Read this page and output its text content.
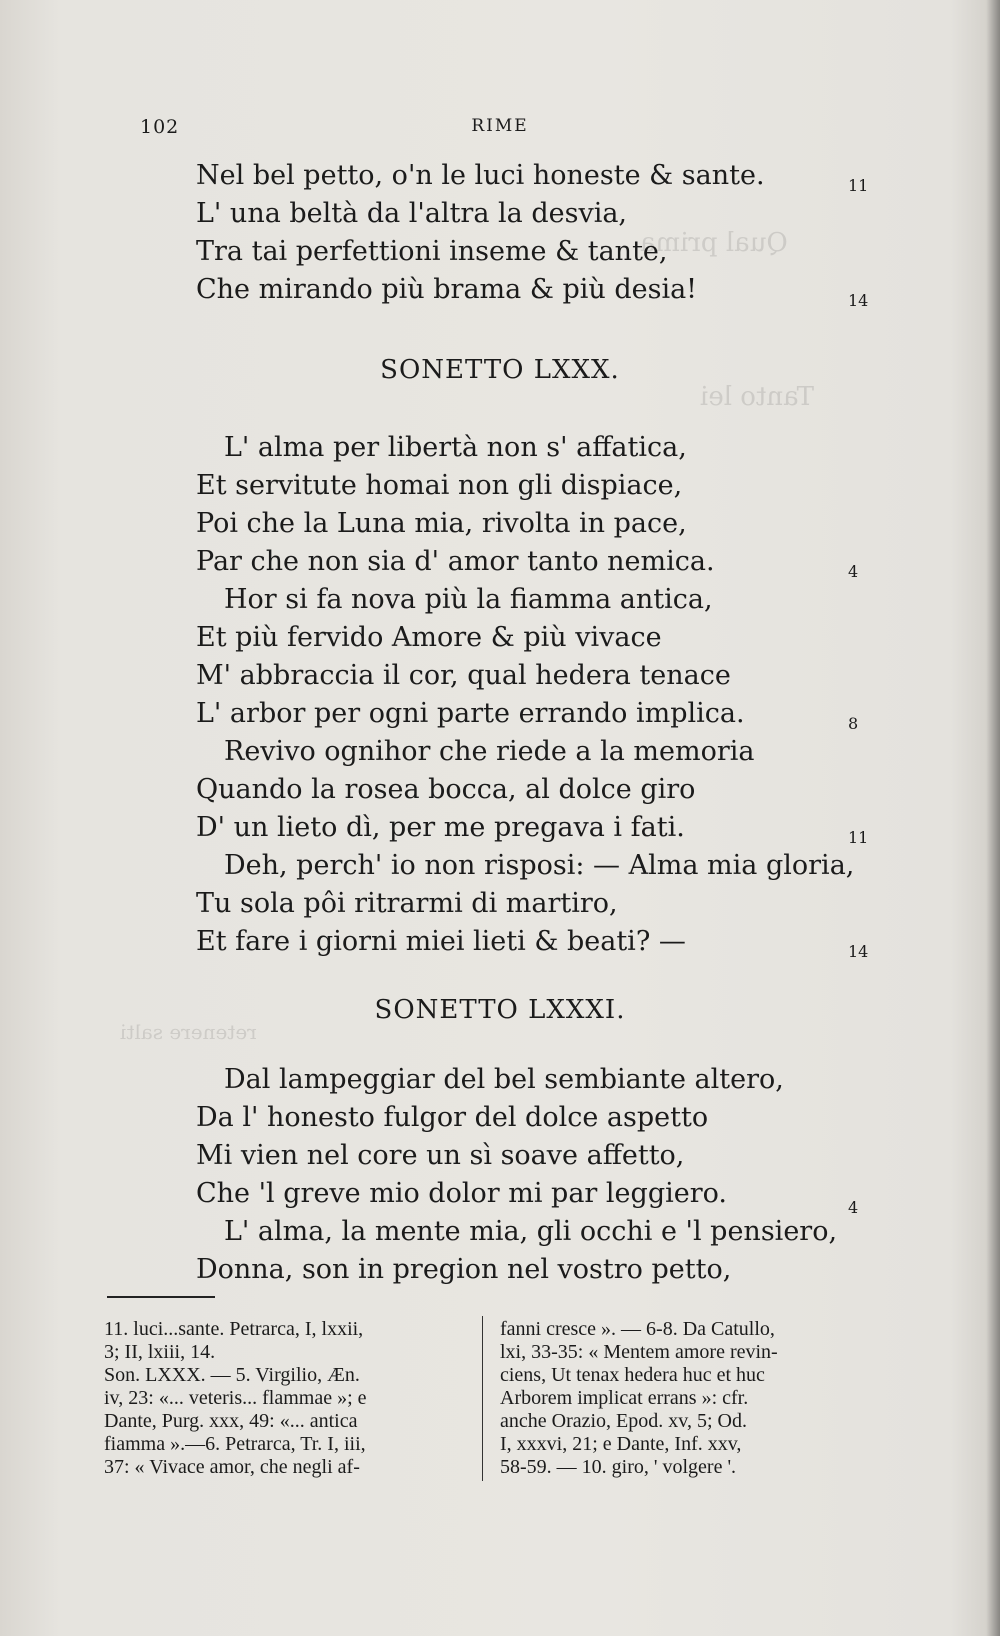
Qual prima
Tanto lei
retenere salti
102	RIME
Nel bel petto, o'n le luci honeste & sante.
L' una beltà da l'altra la desvia,
Tra tai perfettioni inseme & tante,
Che mirando più brama & più desia!
11
14
SONETTO LXXX.
L' alma per libertà non s' affatica,
Et servitute homai non gli dispiace,
Poi che la Luna mia, rivolta in pace,
Par che non sia d' amor tanto nemica.	4
Hor si fa nova più la fiamma antica,
Et più fervido Amore & più vivace
M' abbraccia il cor, qual hedera tenace
L' arbor per ogni parte errando implica.	8
Revivo ognihor che riede a la memoria
Quando la rosea bocca, al dolce giro
D' un lieto dì, per me pregava i fati.	11
Deh, perch' io non risposi: — Alma mia gloria,
Tu sola pôi ritrarmi di martiro,
Et fare i giorni miei lieti & beati? —	14
SONETTO LXXXI.
Dal lampeggiar del bel sembiante altero,
Da l' honesto fulgor del dolce aspetto
Mi vien nel core un sì soave affetto,
Che 'l greve mio dolor mi par leggiero.	4
L' alma, la mente mia, gli occhi e 'l pensiero,
Donna, son in pregion nel vostro petto,
11. luci...sante. Petrarca, I, lxxii,
3; II, lxiii, 14.
Son. LXXX. — 5. Virgilio, Æn.
iv, 23: «... veteris... flammae »; e
Dante, Purg. xxx, 49: «... antica
fiamma ».—6. Petrarca, Tr. I, iii,
37: « Vivace amor, che negli af-
fanni cresce ». — 6-8. Da Catullo,
lxi, 33-35: « Mentem amore revin-
ciens, Ut tenax hedera huc et huc
Arborem implicat errans »: cfr.
anche Orazio, Epod. xv, 5; Od.
I, xxxvi, 21; e Dante, Inf. xxv,
58-59. — 10. giro, ' volgere '.
